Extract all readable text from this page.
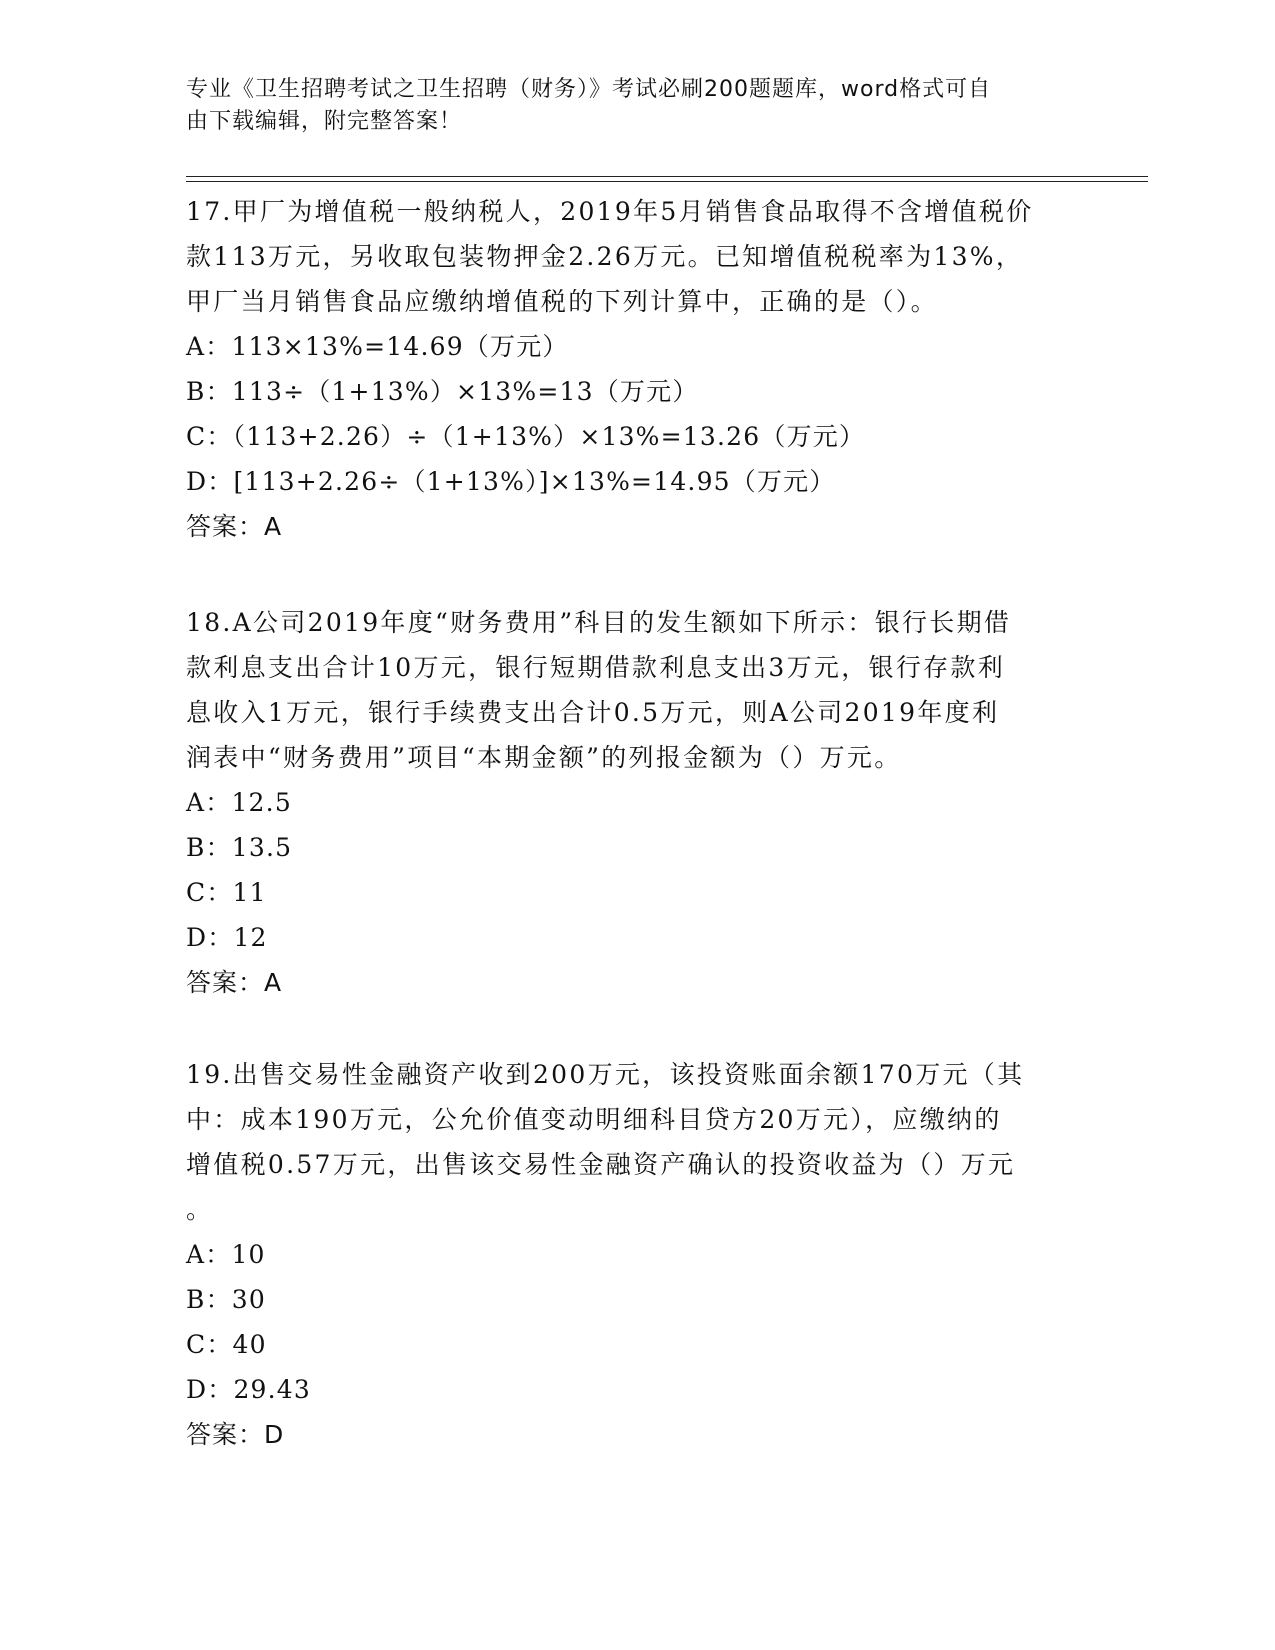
专业《卫生招聘考试之卫生招聘（财务）》考试必刷200题题库，word格式可自
由下载编辑，附完整答案！

17.甲厂为增值税一般纳税人，2019年5月销售食品取得不含增值税价

款113万元，另收取包装物押金2.26万元。已知增值税税率为13%，

甲厂当月销售食品应缴纳增值税的下列计算中，正确的是（）。

A：113×13%=14.69（万元）

B：113÷（1+13%）×13%=13（万元）

C：（113+2.26）÷（1+13%）×13%=13.26（万元）

D：[113+2.26÷（1+13%）]×13%=14.95（万元）

答案：A

18.A公司2019年度“财务费用”科目的发生额如下所示：银行长期借

款利息支出合计10万元，银行短期借款利息支出3万元，银行存款利

息收入1万元，银行手续费支出合计0.5万元，则A公司2019年度利

润表中“财务费用”项目“本期金额”的列报金额为（）万元。

A：12.5

B：13.5

C：11

D：12

答案：A

19.出售交易性金融资产收到200万元，该投资账面余额170万元（其

中：成本190万元，公允价值变动明细科目贷方20万元），应缴纳的

增值税0.57万元，出售该交易性金融资产确认的投资收益为（）万元

。

A：10

B：30

C：40

D：29.43

答案：D
